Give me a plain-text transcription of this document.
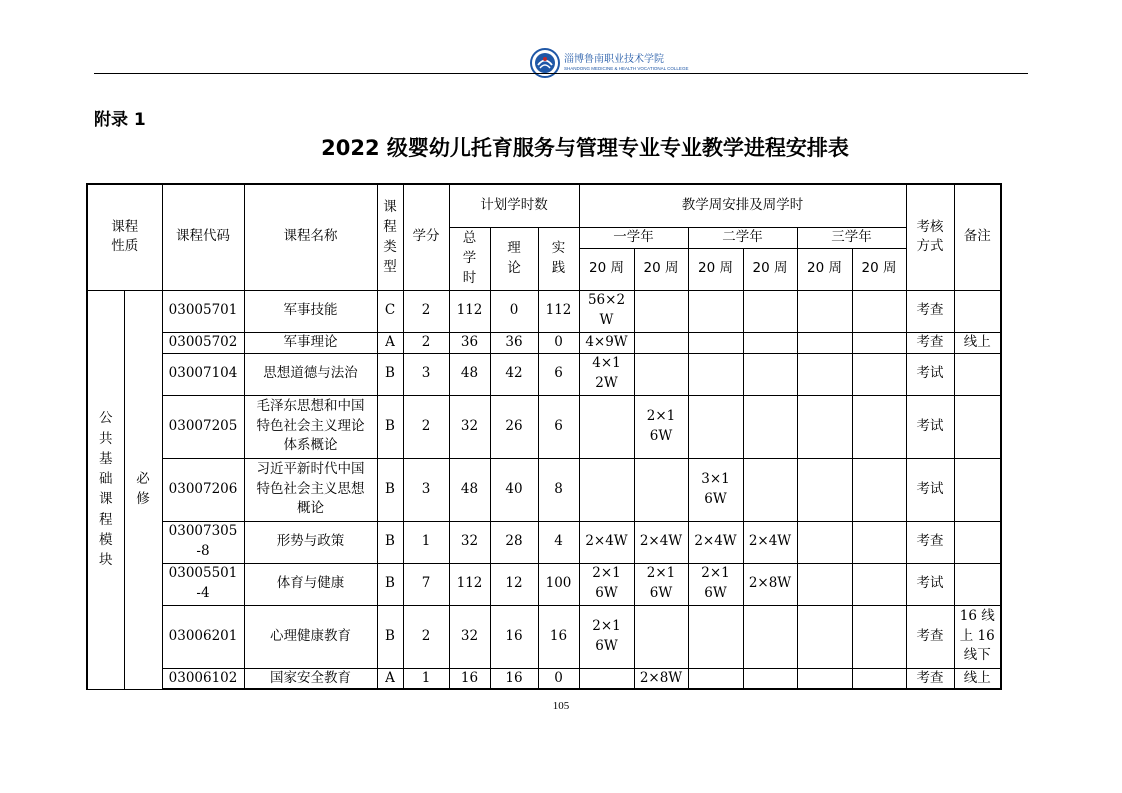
淄博鲁南职业技术学院
SHANDONG MEDICINE & HEALTH VOCATIONAL COLLEGE
附录 1
2022 级婴幼儿托育服务与管理专业专业教学进程安排表
课程性质		课程代码	课程名称	课程类型	学分	计划学时数			教学周安排及周学时						考核方式	备注
						总学时	理论	实践	一学年		二学年		三学年			
									20 周	20 周	20 周	20 周	20 周	20 周		
公共基础课程模块	必修	03005701	军事技能	C	2	112	0	112	56×2W						考查	
		03005702	军事理论	A	2	36	36	0	4×9W						考查	线上
		03007104	思想道德与法治	B	3	48	42	6	4×12W						考试	
		03007205	毛泽东思想和中国特色社会主义理论体系概论	B	2	32	26	6		2×16W					考试	
		03007206	习近平新时代中国特色社会主义思想概论	B	3	48	40	8			3×16W				考试	
		03007305-8	形势与政策	B	1	32	28	4	2×4W	2×4W	2×4W	2×4W			考查	
		03005501-4	体育与健康	B	7	112	12	100	2×16W	2×16W	2×16W	2×8W			考试	
		03006201	心理健康教育	B	2	32	16	16	2×16W						考查	16 线上 16 线下
		03006102	国家安全教育	A	1	16	16	0		2×8W					考查	线上
105
